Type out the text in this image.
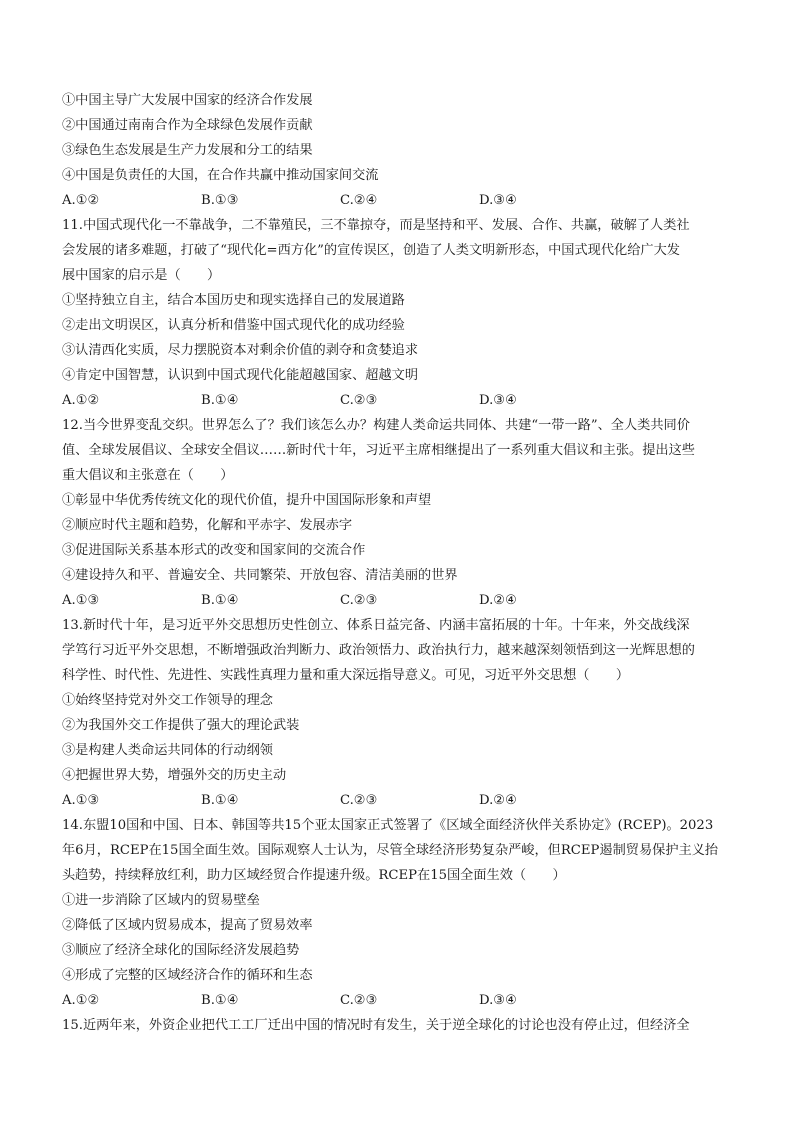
①中国主导广大发展中国家的经济合作发展
②中国通过南南合作为全球绿色发展作贡献
③绿色生态发展是生产力发展和分工的结果
④中国是负责任的大国，在合作共赢中推动国家间交流
A.①②	B.①③	C.②④	D.③④
11.中国式现代化一不靠战争，二不靠殖民，三不靠掠夺，而是坚持和平、发展、合作、共赢，破解了人类社
会发展的诸多难题，打破了“现代化=西方化”的宣传误区，创造了人类文明新形态，中国式现代化给广大发
展中国家的启示是（　　）
①坚持独立自主，结合本国历史和现实选择自己的发展道路
②走出文明误区，认真分析和借鉴中国式现代化的成功经验
③认清西化实质，尽力摆脱资本对剩余价值的剥夺和贪婪追求
④肯定中国智慧，认识到中国式现代化能超越国家、超越文明
A.①②	B.①④	C.②③	D.③④
12.当今世界变乱交织。世界怎么了？我们该怎么办？构建人类命运共同体、共建“一带一路”、全人类共同价
值、全球发展倡议、全球安全倡议……新时代十年，习近平主席相继提出了一系列重大倡议和主张。提出这些
重大倡议和主张意在（　　）
①彰显中华优秀传统文化的现代价值，提升中国国际形象和声望
②顺应时代主题和趋势，化解和平赤字、发展赤字
③促进国际关系基本形式的改变和国家间的交流合作
④建设持久和平、普遍安全、共同繁荣、开放包容、清洁美丽的世界
A.①③	B.①④	C.②③	D.②④
13.新时代十年，是习近平外交思想历史性创立、体系日益完备、内涵丰富拓展的十年。十年来，外交战线深
学笃行习近平外交思想，不断增强政治判断力、政治领悟力、政治执行力，越来越深刻领悟到这一光辉思想的
科学性、时代性、先进性、实践性真理力量和重大深远指导意义。可见，习近平外交思想（　　）
①始终坚持党对外交工作领导的理念
②为我国外交工作提供了强大的理论武装
③是构建人类命运共同体的行动纲领
④把握世界大势，增强外交的历史主动
A.①③	B.①④	C.②③	D.②④
14.东盟10国和中国、日本、韩国等共15个亚太国家正式签署了《区域全面经济伙伴关系协定》(RCEP)。2023
年6月，RCEP在15国全面生效。国际观察人士认为，尽管全球经济形势复杂严峻，但RCEP遏制贸易保护主义抬
头趋势，持续释放红利，助力区域经贸合作提速升级。RCEP在15国全面生效（　　）
①进一步消除了区域内的贸易壁垒
②降低了区域内贸易成本，提高了贸易效率
③顺应了经济全球化的国际经济发展趋势
④形成了完整的区域经济合作的循环和生态
A.①②	B.①④	C.②③	D.③④
15.近两年来，外资企业把代工工厂迁出中国的情况时有发生，关于逆全球化的讨论也没有停止过，但经济全
